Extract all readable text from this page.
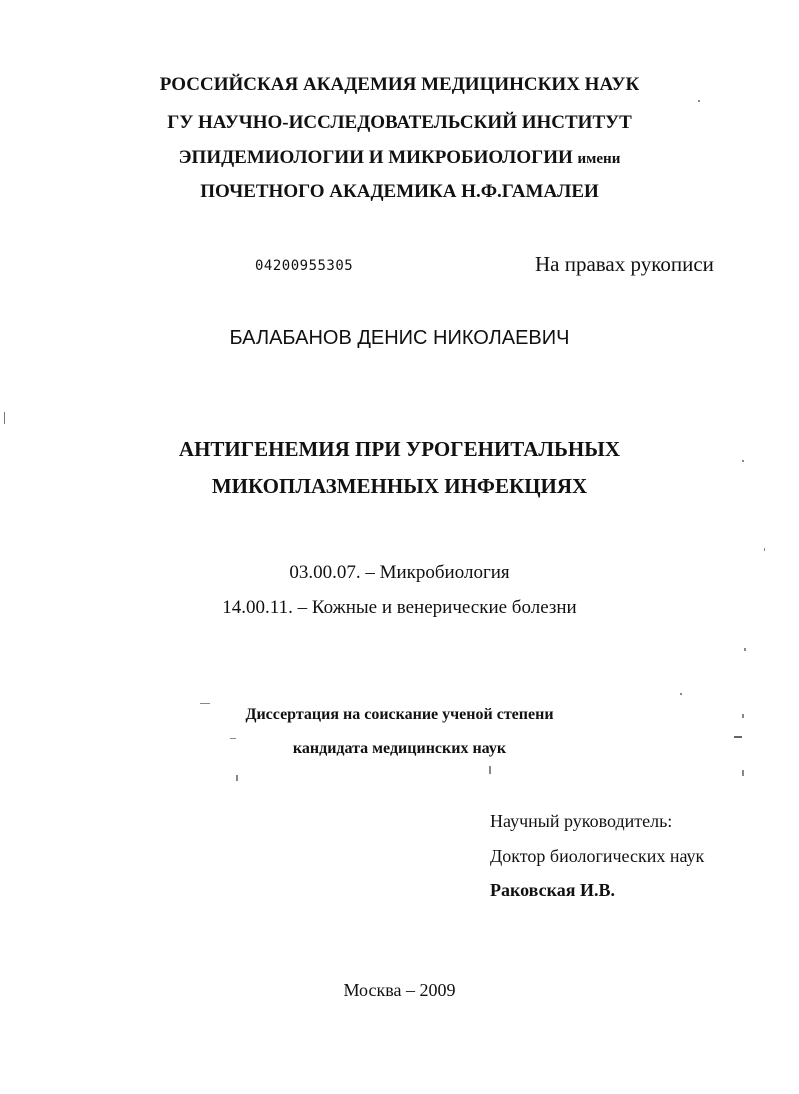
РОССИЙСКАЯ АКАДЕМИЯ МЕДИЦИНСКИХ НАУК
ГУ НАУЧНО-ИССЛЕДОВАТЕЛЬСКИЙ ИНСТИТУТ
ЭПИДЕМИОЛОГИИ И МИКРОБИОЛОГИИ имени
ПОЧЕТНОГО АКАДЕМИКА Н.Ф.ГАМАЛЕИ
04200955305	На правах рукописи
БАЛАБАНОВ ДЕНИС НИКОЛАЕВИЧ
АНТИГЕНЕМИЯ ПРИ УРОГЕНИТАЛЬНЫХ
МИКОПЛАЗМЕННЫХ ИНФЕКЦИЯХ
03.00.07. – Микробиология
14.00.11. – Кожные и венерические болезни
Диссертация на соискание ученой степени
кандидата медицинских наук
Научный руководитель:
Доктор биологических наук
Раковская И.В.
Москва – 2009
